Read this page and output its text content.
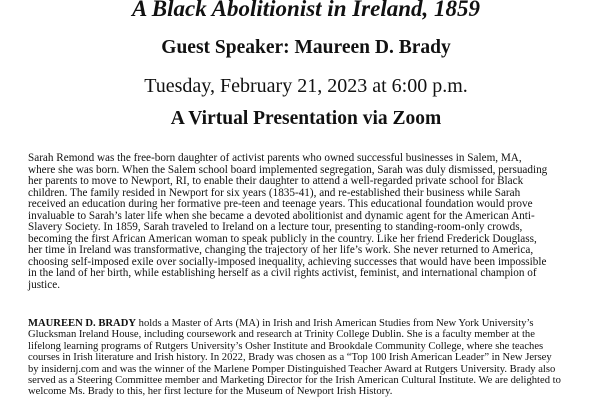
A Black Abolitionist in Ireland, 1859
Guest Speaker: Maureen D. Brady
Tuesday, February 21, 2023 at 6:00 p.m.
A Virtual Presentation via Zoom
Sarah Remond was the free-born daughter of activist parents who owned successful businesses in Salem, MA,
where she was born. When the Salem school board implemented segregation, Sarah was duly dismissed, persuading
her parents to move to Newport, RI, to enable their daughter to attend a well-regarded private school for Black
children. The family resided in Newport for six years (1835-41), and re-established their business while Sarah
received an education during her formative pre-teen and teenage years. This educational foundation would prove
invaluable to Sarah’s later life when she became a devoted abolitionist and dynamic agent for the American Anti-
Slavery Society. In 1859, Sarah traveled to Ireland on a lecture tour, presenting to standing-room-only crowds,
becoming the first African American woman to speak publicly in the country. Like her friend Frederick Douglass,
her time in Ireland was transformative, changing the trajectory of her life’s work. She never returned to America,
choosing self-imposed exile over socially-imposed inequality, achieving successes that would have been impossible
in the land of her birth, while establishing herself as a civil rights activist, feminist, and international champion of
justice.
MAUREEN D. BRADY holds a Master of Arts (MA) in Irish and Irish American Studies from New York University’s
Glucksman Ireland House, including coursework and research at Trinity College Dublin. She is a faculty member at the
lifelong learning programs of Rutgers University’s Osher Institute and Brookdale Community College, where she teaches
courses in Irish literature and Irish history. In 2022, Brady was chosen as a “Top 100 Irish American Leader” in New Jersey
by insidernj.com and was the winner of the Marlene Pomper Distinguished Teacher Award at Rutgers University. Brady also
served as a Steering Committee member and Marketing Director for the Irish American Cultural Institute. We are delighted to
welcome Ms. Brady to this, her first lecture for the Museum of Newport Irish History.
